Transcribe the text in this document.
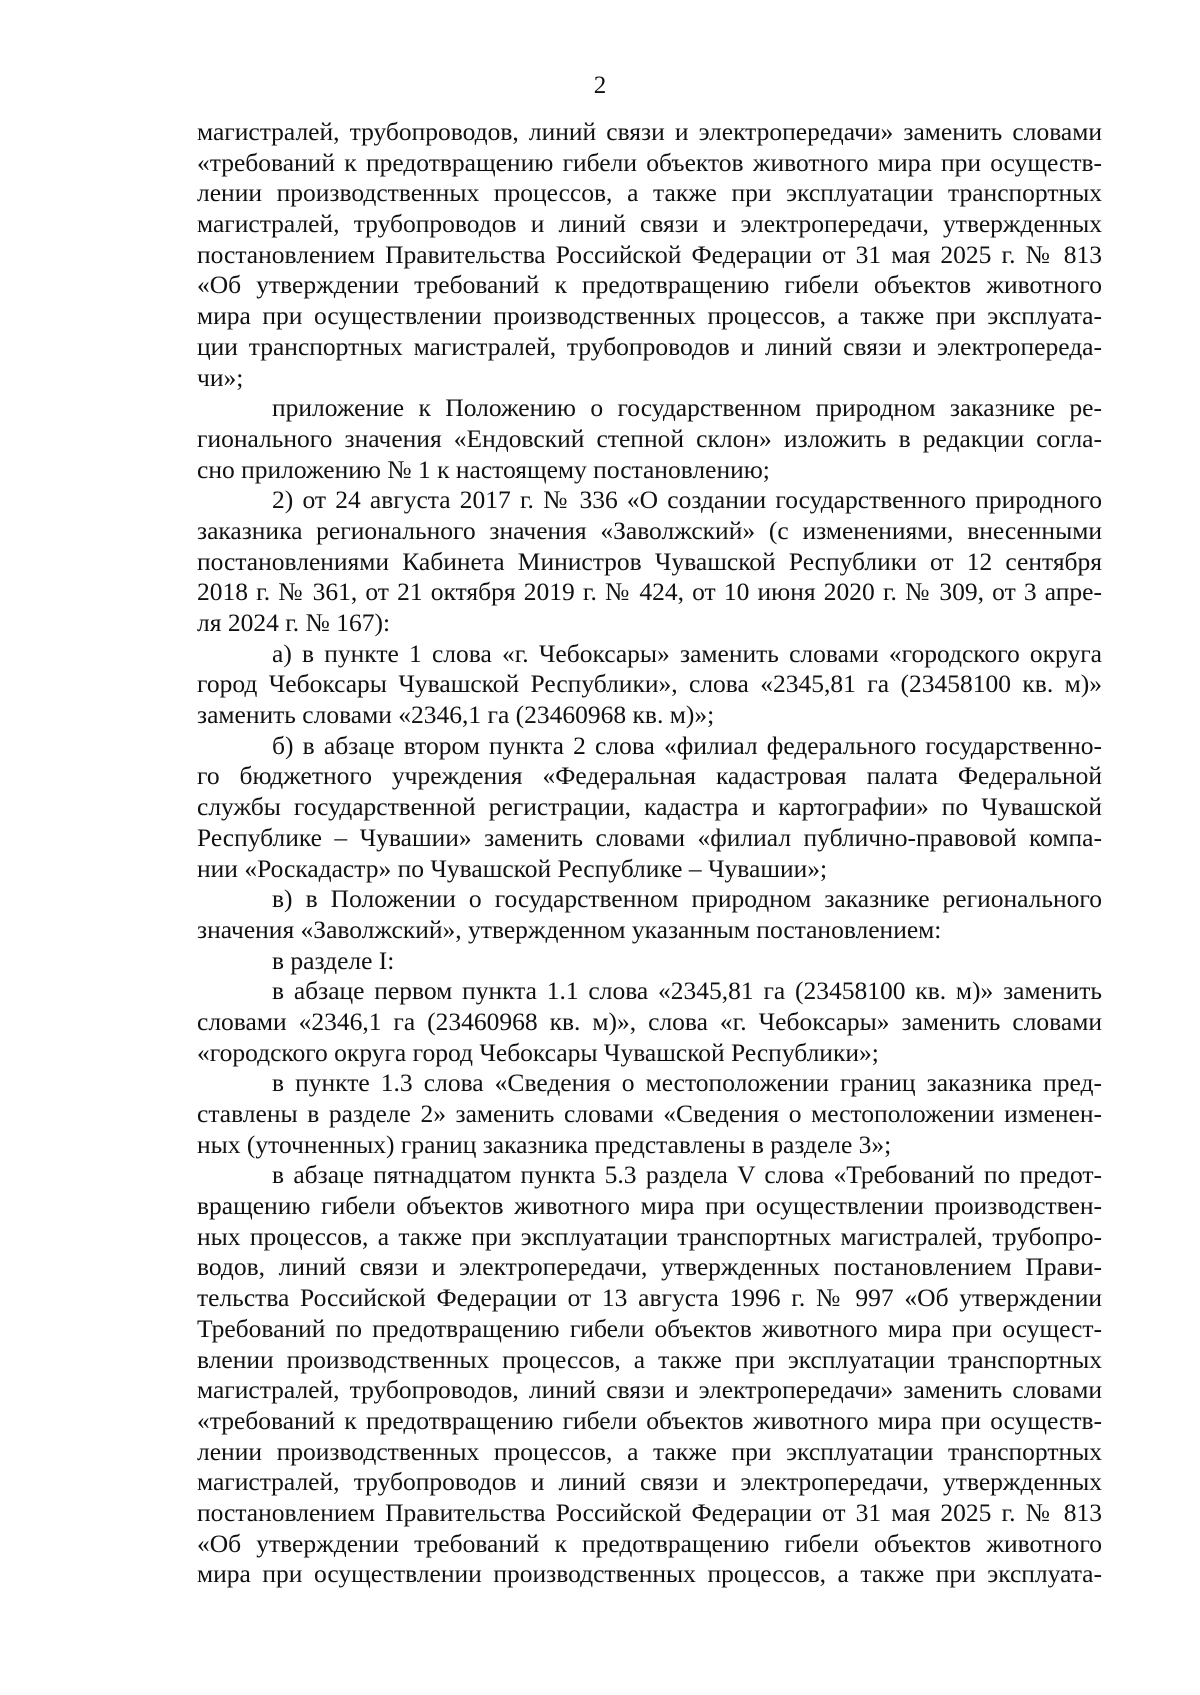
2
магистралей, трубопроводов, линий связи и электропередачи» заменить словами
«требований к предотвращению гибели объектов животного мира при осуществ-
лении производственных процессов, а также при эксплуатации транспортных
магистралей, трубопроводов и линий связи и электропередачи, утвержденных
постановлением Правительства Российской Федерации от 31 мая 2025 г. № 813
«Об утверждении требований к предотвращению гибели объектов животного
мира при осуществлении производственных процессов, а также при эксплуата-
ции транспортных магистралей, трубопроводов и линий связи и электропереда-
чи»;
приложение к Положению о государственном природном заказнике ре-
гионального значения «Ендовский степной склон» изложить в редакции согла-
сно приложению № 1 к настоящему постановлению;
2) от 24 августа 2017 г. № 336 «О создании государственного природного
заказника регионального значения «Заволжский» (с изменениями, внесенными
постановлениями Кабинета Министров Чувашской Республики от 12 сентября
2018 г. № 361, от 21 октября 2019 г. № 424, от 10 июня 2020 г. № 309, от 3 апре-
ля 2024 г. № 167):
а) в пункте 1 слова «г. Чебоксары» заменить словами «городского округа
город Чебоксары Чувашской Республики», слова «2345,81 га (23458100 кв. м)»
заменить словами «2346,1 га (23460968 кв. м)»;
б) в абзаце втором пункта 2 слова «филиал федерального государственно-
го бюджетного учреждения «Федеральная кадастровая палата Федеральной
службы государственной регистрации, кадастра и картографии» по Чувашской
Республике – Чувашии» заменить словами «филиал публично-правовой компа-
нии «Роскадастр» по Чувашской Республике – Чувашии»;
в) в Положении о государственном природном заказнике регионального
значения «Заволжский», утвержденном указанным постановлением:
в разделе I:
в абзаце первом пункта 1.1 слова «2345,81 га (23458100 кв. м)» заменить
словами «2346,1 га (23460968 кв. м)», слова «г. Чебоксары» заменить словами
«городского округа город Чебоксары Чувашской Республики»;
в пункте 1.3 слова «Сведения о местоположении границ заказника пред-
ставлены в разделе 2» заменить словами «Сведения о местоположении изменен-
ных (уточненных) границ заказника представлены в разделе 3»;
в абзаце пятнадцатом пункта 5.3 раздела V слова «Требований по предот-
вращению гибели объектов животного мира при осуществлении производствен-
ных процессов, а также при эксплуатации транспортных магистралей, трубопро-
водов, линий связи и электропередачи, утвержденных постановлением Прави-
тельства Российской Федерации от 13 августа 1996 г. № 997 «Об утверждении
Требований по предотвращению гибели объектов животного мира при осущест-
влении производственных процессов, а также при эксплуатации транспортных
магистралей, трубопроводов, линий связи и электропередачи» заменить словами
«требований к предотвращению гибели объектов животного мира при осуществ-
лении производственных процессов, а также при эксплуатации транспортных
магистралей, трубопроводов и линий связи и электропередачи, утвержденных
постановлением Правительства Российской Федерации от 31 мая 2025 г. № 813
«Об утверждении требований к предотвращению гибели объектов животного
мира при осуществлении производственных процессов, а также при эксплуата-
